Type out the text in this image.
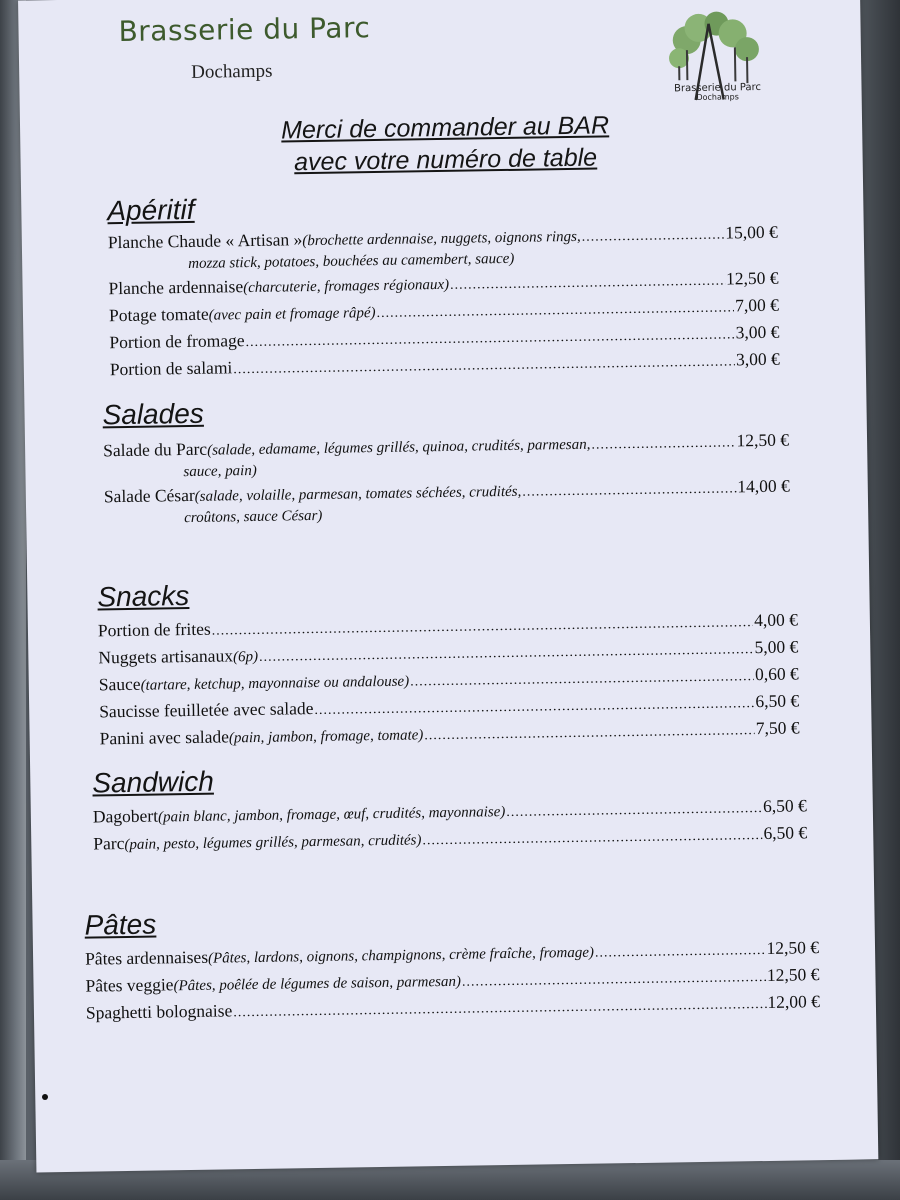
Brasserie du Parc
Dochamps
Brasserie du Parc
Dochamps
Merci de commander au BAR
avec votre numéro de table
Apéritif
Planche Chaude « Artisan » (brochette ardennaise, nuggets, oignons rings, .....	15,00 €
mozza stick, potatoes, bouchées au camembert, sauce)
Planche ardennaise (charcuterie, fromages régionaux) .....	12,50 €
Potage tomate (avec pain et fromage râpé) .....	7,00 €
Portion de fromage .....	3,00 €
Portion de salami .....	3,00 €
Salades
Salade du Parc (salade, edamame, légumes grillés, quinoa, crudités, parmesan, .....	12,50 €
sauce, pain)
Salade César (salade, volaille, parmesan, tomates séchées, crudités, .....	14,00 €
croûtons, sauce César)
Snacks
Portion de frites .....	4,00 €
Nuggets artisanaux (6p) .....	5,00 €
Sauce (tartare, ketchup, mayonnaise ou andalouse) .....	0,60 €
Saucisse feuilletée avec salade .....	6,50 €
Panini avec salade (pain, jambon, fromage, tomate) .....	7,50 €
Sandwich
Dagobert (pain blanc, jambon, fromage, œuf, crudités, mayonnaise) .....	6,50 €
Parc (pain, pesto, légumes grillés, parmesan, crudités) .....	6,50 €
Pâtes
Pâtes ardennaises (Pâtes, lardons, oignons, champignons, crème fraîche, fromage) .....	12,50 €
Pâtes veggie (Pâtes, poêlée de légumes de saison, parmesan) .....	12,50 €
Spaghetti bolognaise .....	12,00 €
